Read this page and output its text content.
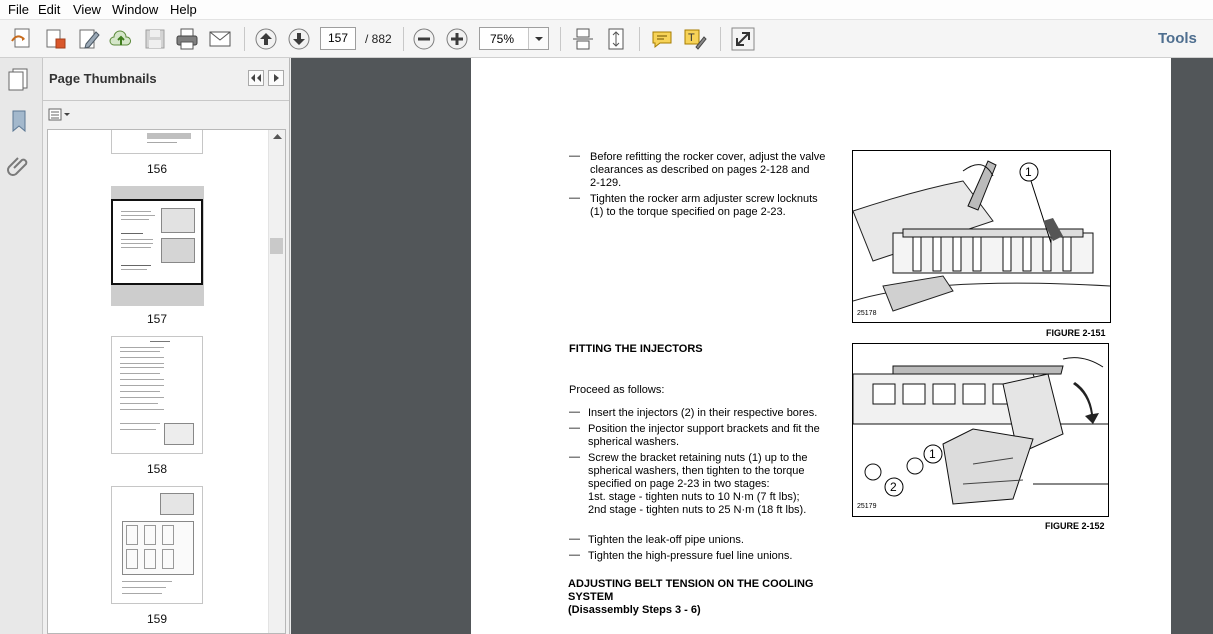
File Edit View Window Help
157	/ 882	75%	T	Tools
Page Thumbnails
156
157
158
159
— Before refitting the rocker cover, adjust the valve
clearances as described on pages 2-128 and
2-129.
— Tighten the rocker arm adjuster screw locknuts
(1) to the torque specified on page 2-23.
1
25178
FIGURE 2-151
FITTING THE INJECTORS
Proceed as follows:
— Insert the injectors (2) in their respective bores.
— Position the injector support brackets and fit the
spherical washers.
— Screw the bracket retaining nuts (1) up to the
spherical washers, then tighten to the torque
specified on page 2-23 in two stages:
1st. stage - tighten nuts to 10 N·m (7 ft lbs);
2nd stage - tighten nuts to 25 N·m (18 ft lbs).
— Tighten the leak-off pipe unions.
— Tighten the high-pressure fuel line unions.
ADJUSTING BELT TENSION ON THE COOLING
SYSTEM
(Disassembly Steps 3 - 6)
1
2
25179
FIGURE 2-152
